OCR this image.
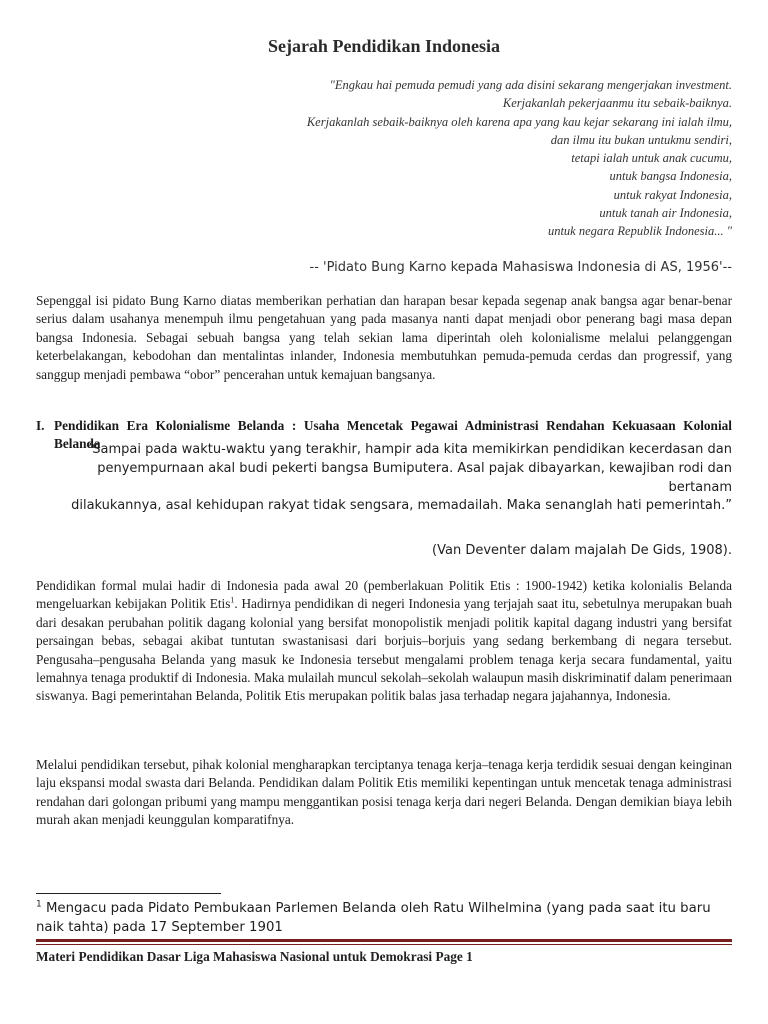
Sejarah Pendidikan Indonesia
"Engkau hai pemuda pemudi yang ada disini sekarang mengerjakan investment.
Kerjakanlah pekerjaanmu itu sebaik-baiknya.
Kerjakanlah sebaik-baiknya oleh karena apa yang kau kejar sekarang ini ialah ilmu,
dan ilmu itu bukan untukmu sendiri,
tetapi ialah untuk anak cucumu,
untuk bangsa Indonesia,
untuk rakyat Indonesia,
untuk tanah air Indonesia,
untuk negara Republik Indonesia... "
-- 'Pidato Bung Karno kepada Mahasiswa Indonesia di AS, 1956'--
Sepenggal isi pidato Bung Karno diatas memberikan perhatian dan harapan besar kepada segenap anak bangsa agar benar-benar serius dalam usahanya menempuh ilmu pengetahuan yang pada masanya nanti dapat menjadi obor penerang bagi masa depan bangsa Indonesia. Sebagai sebuah bangsa yang telah sekian lama diperintah oleh kolonialisme melalui pelanggengan keterbelakangan, kebodohan dan mentalintas inlander, Indonesia membutuhkan pemuda-pemuda cerdas dan progressif, yang sanggup menjadi pembawa “obor” pencerahan untuk kemajuan bangsanya.
I. Pendidikan Era Kolonialisme Belanda : Usaha Mencetak Pegawai Administrasi Rendahan Kekuasaan Kolonial Belanda
”Sampai pada waktu-waktu yang terakhir, hampir ada kita memikirkan pendidikan kecerdasan dan
penyempurnaan akal budi pekerti bangsa Bumiputera. Asal pajak dibayarkan, kewajiban rodi dan bertanam
dilakukannya, asal kehidupan rakyat tidak sengsara, memadailah. Maka senanglah hati pemerintah.”
(Van Deventer dalam majalah De Gids, 1908).
Pendidikan formal mulai hadir di Indonesia pada awal 20 (pemberlakuan Politik Etis : 1900-1942) ketika kolonialis Belanda mengeluarkan kebijakan Politik Etis$^1$. Hadirnya pendidikan di negeri Indonesia yang terjajah saat itu, sebetulnya merupakan buah dari desakan perubahan politik dagang kolonial yang bersifat monopolistik menjadi politik kapital dagang industri yang bersifat persaingan bebas, sebagai akibat tuntutan swastanisasi dari borjuis–borjuis yang sedang berkembang di negara tersebut. Pengusaha–pengusaha Belanda yang masuk ke Indonesia tersebut mengalami problem tenaga kerja secara fundamental, yaitu lemahnya tenaga produktif di Indonesia. Maka mulailah muncul sekolah–sekolah walaupun masih diskriminatif dalam penerimaan siswanya. Bagi pemerintahan Belanda, Politik Etis merupakan politik balas jasa terhadap negara jajahannya, Indonesia.
Melalui pendidikan tersebut, pihak kolonial mengharapkan terciptanya tenaga kerja–tenaga kerja terdidik sesuai dengan keinginan laju ekspansi modal swasta dari Belanda. Pendidikan dalam Politik Etis memiliki kepentingan untuk mencetak tenaga administrasi rendahan dari golongan pribumi yang mampu menggantikan posisi tenaga kerja dari negeri Belanda. Dengan demikian biaya lebih murah akan menjadi keunggulan komparatifnya.
$^1$ Mengacu pada Pidato Pembukaan Parlemen Belanda oleh Ratu Wilhelmina (yang pada saat itu baru naik tahta) pada 17 September 1901
Materi Pendidikan Dasar Liga Mahasiswa Nasional untuk Demokrasi Page 1
